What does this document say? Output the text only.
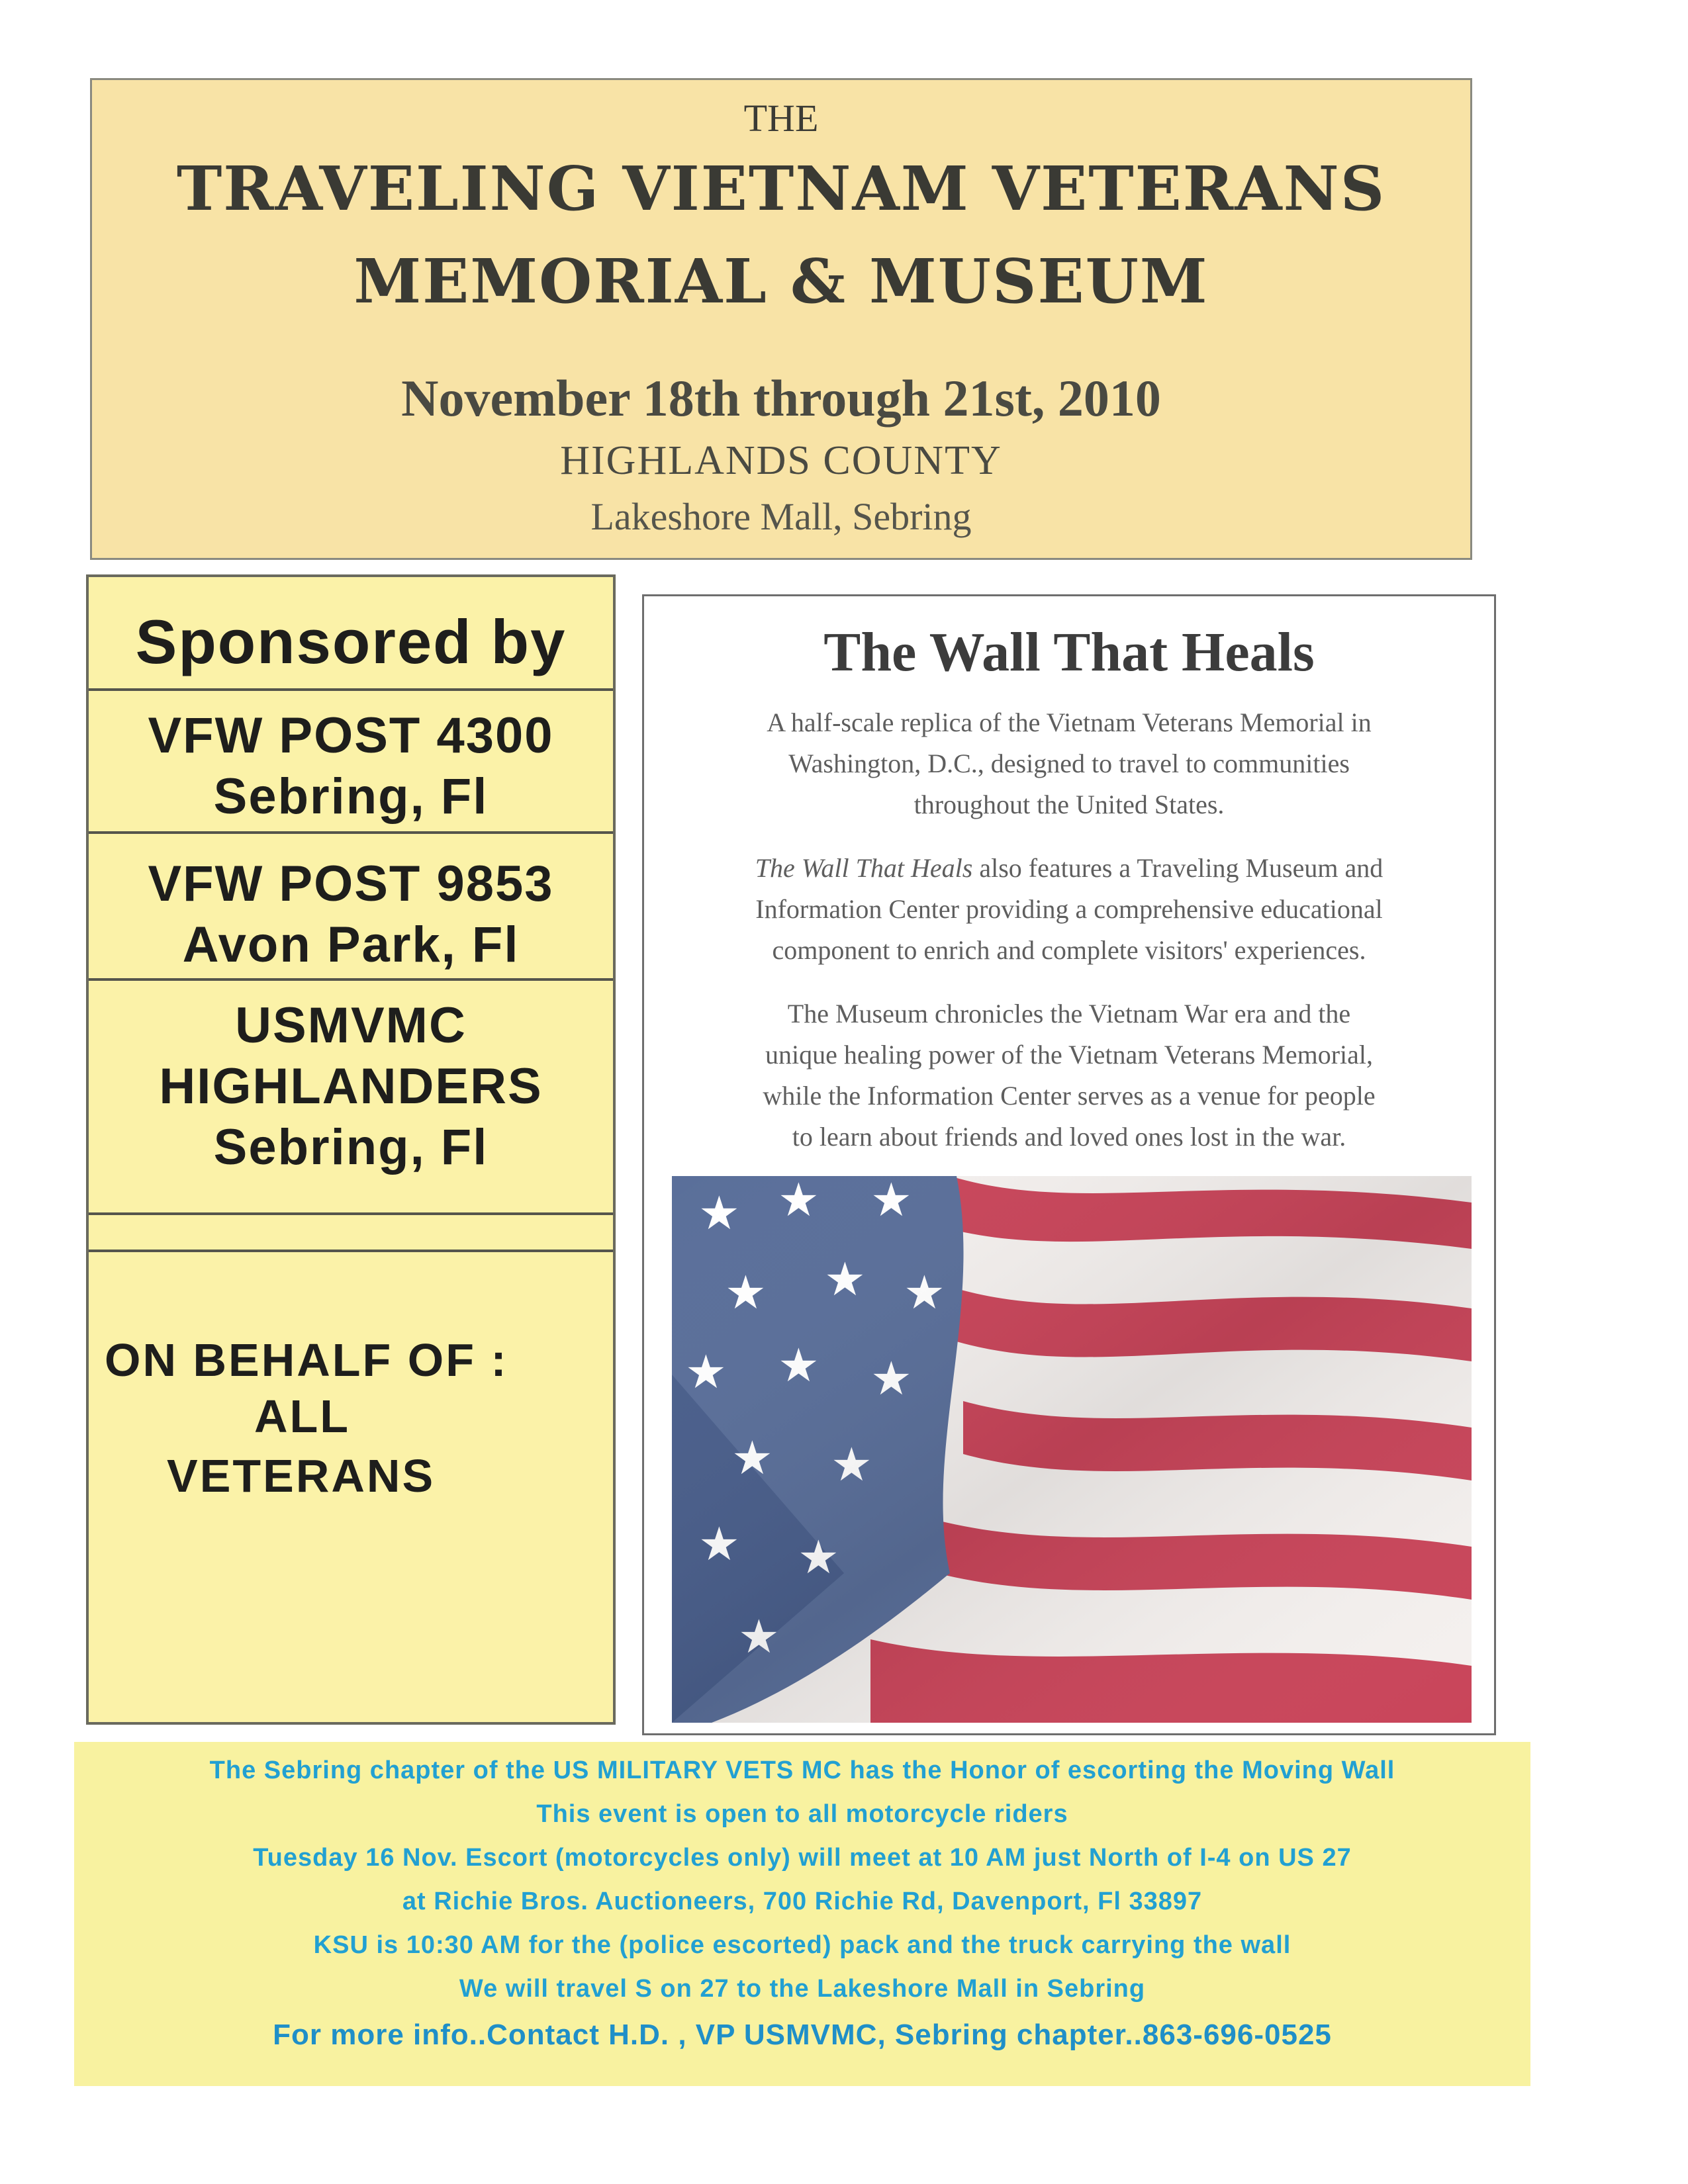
THE
TRAVELING VIETNAM VETERANS
MEMORIAL & MUSEUM
November 18th through 21st, 2010
HIGHLANDS COUNTY
Lakeshore Mall, Sebring
Sponsored by
VFW POST 4300
Sebring, Fl
VFW POST 9853
Avon Park, Fl
USMVMC
HIGHLANDERS
Sebring, Fl
ON BEHALF OF :
ALL
VETERANS
The Wall That Heals
A half-scale replica of the Vietnam Veterans Memorial in
Washington, D.C., designed to travel to communities
throughout the United States.
The Wall That Heals also features a Traveling Museum and
Information Center providing a comprehensive educational
component to enrich and complete visitors' experiences.
The Museum chronicles the Vietnam War era and the
unique healing power of the Vietnam Veterans Memorial,
while the Information Center serves as a venue for people
to learn about friends and loved ones lost in the war.
The Sebring chapter of the US MILITARY VETS MC has the Honor of escorting the Moving Wall
This event is open to all motorcycle riders
Tuesday 16 Nov. Escort (motorcycles only) will meet at 10 AM just North of I-4 on US 27
at Richie Bros. Auctioneers, 700 Richie Rd, Davenport, Fl 33897
KSU is 10:30 AM for the (police escorted) pack and the truck carrying the wall
We will travel S on 27 to the Lakeshore Mall in Sebring
For more info..Contact H.D. , VP USMVMC, Sebring chapter..863-696-0525
